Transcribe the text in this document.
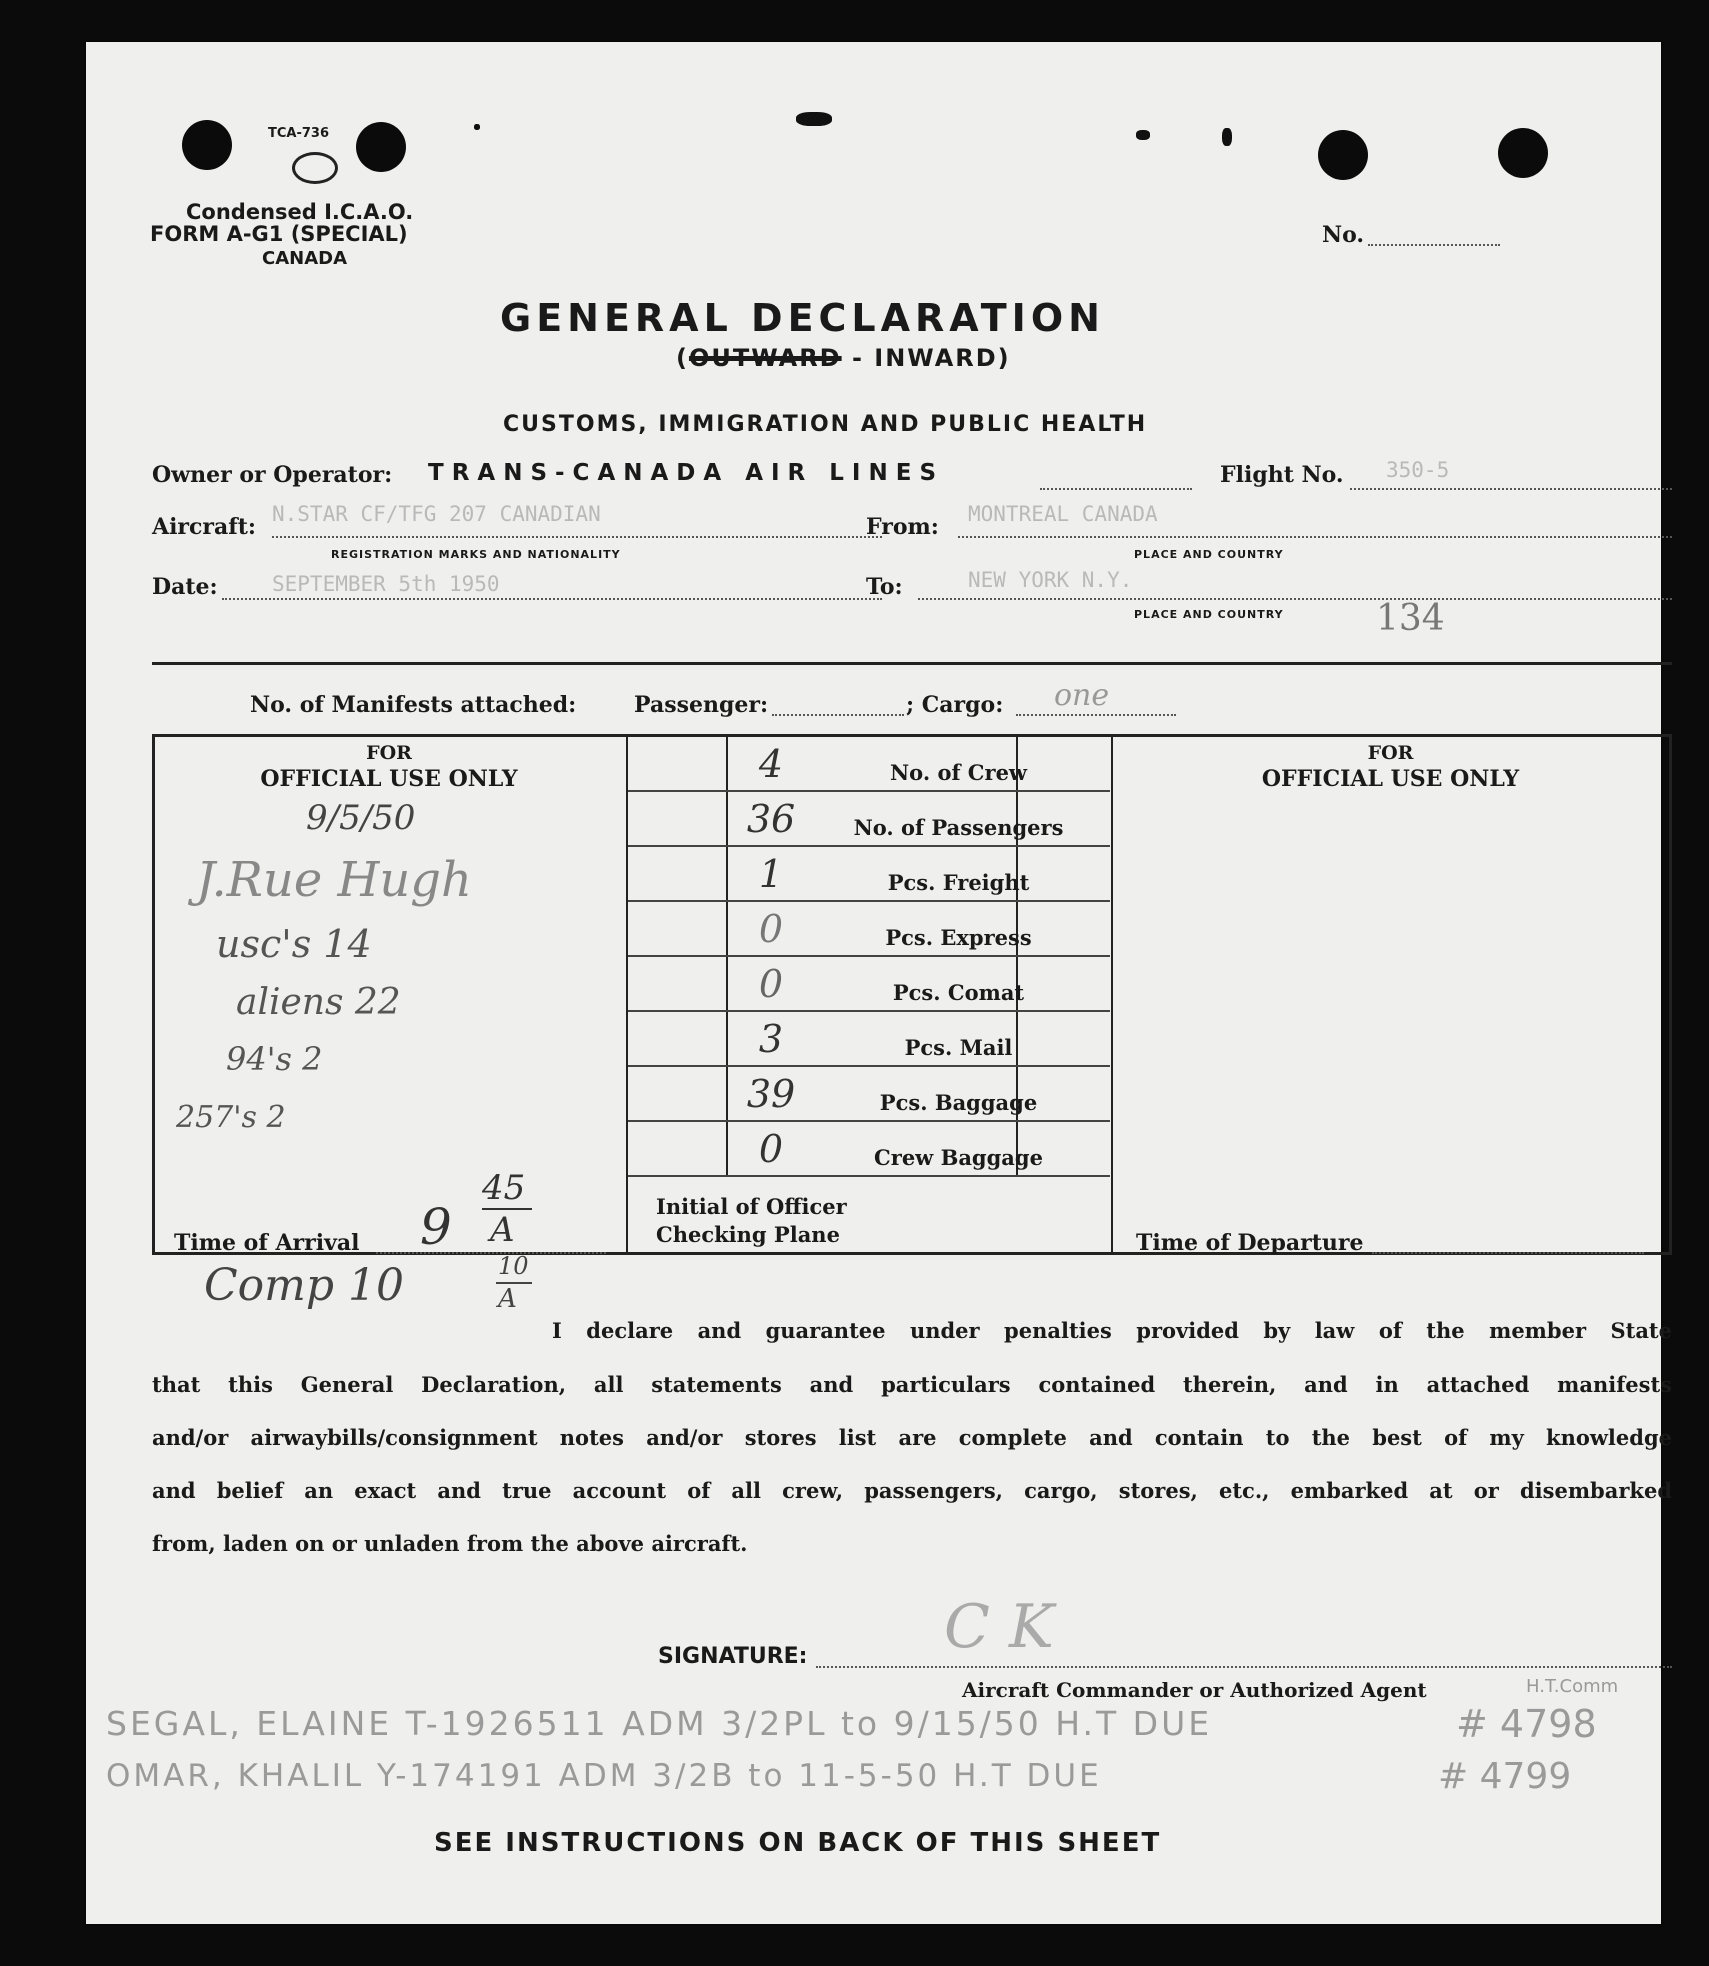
TCA-736
Condensed I.C.A.O.
FORM A-G1 (SPECIAL)
CANADA
No.
GENERAL DECLARATION
(OUTWARD - INWARD)
CUSTOMS, IMMIGRATION AND PUBLIC HEALTH
Owner or Operator: TRANS-CANADA AIR LINES	Flight No. 350-5
Aircraft: N.STAR CF/TFG 207 CANADIAN
REGISTRATION MARKS AND NATIONALITY
From: MONTREAL CANADA
PLACE AND COUNTRY
Date:	SEPTEMBER 5th 1950	To:	NEW YORK N.Y.
PLACE AND COUNTRY	134
No. of Manifests attached:	Passenger:	; Cargo: one
FOR
OFFICIAL USE ONLY
FOR
OFFICIAL USE ONLY
4	No. of Crew
36	No. of Passengers
1	Pcs. Freight
0	Pcs. Express
0	Pcs. Comat
3	Pcs. Mail
39	Pcs. Baggage
0	Crew Baggage
Initial of Officer
Checking Plane
9/5/50
J.Rue Hugh
usc's 14
aliens 22
94's 2
257's 2
Time of Arrival 9
45
A	Time of Departure
Comp 10	10
A
I declare and guarantee under penalties provided by law of the member State
that this General Declaration, all statements and particulars contained therein, and in attached manifests
and/or airwaybills/consignment notes and/or stores list are complete and contain to the best of my knowledge
and belief an exact and true account of all crew, passengers, cargo, stores, etc., embarked at or disembarked
from, laden on or unladen from the above aircraft.
SIGNATURE: C K
Aircraft Commander or Authorized Agent
SEGAL, ELAINE T-1926511 ADM 3/2PL to 9/15/50 H.T DUE	# 4798
H.T.Comm
OMAR, KHALIL Y-174191 ADM 3/2B to 11-5-50 H.T DUE	# 4799
SEE INSTRUCTIONS ON BACK OF THIS SHEET
